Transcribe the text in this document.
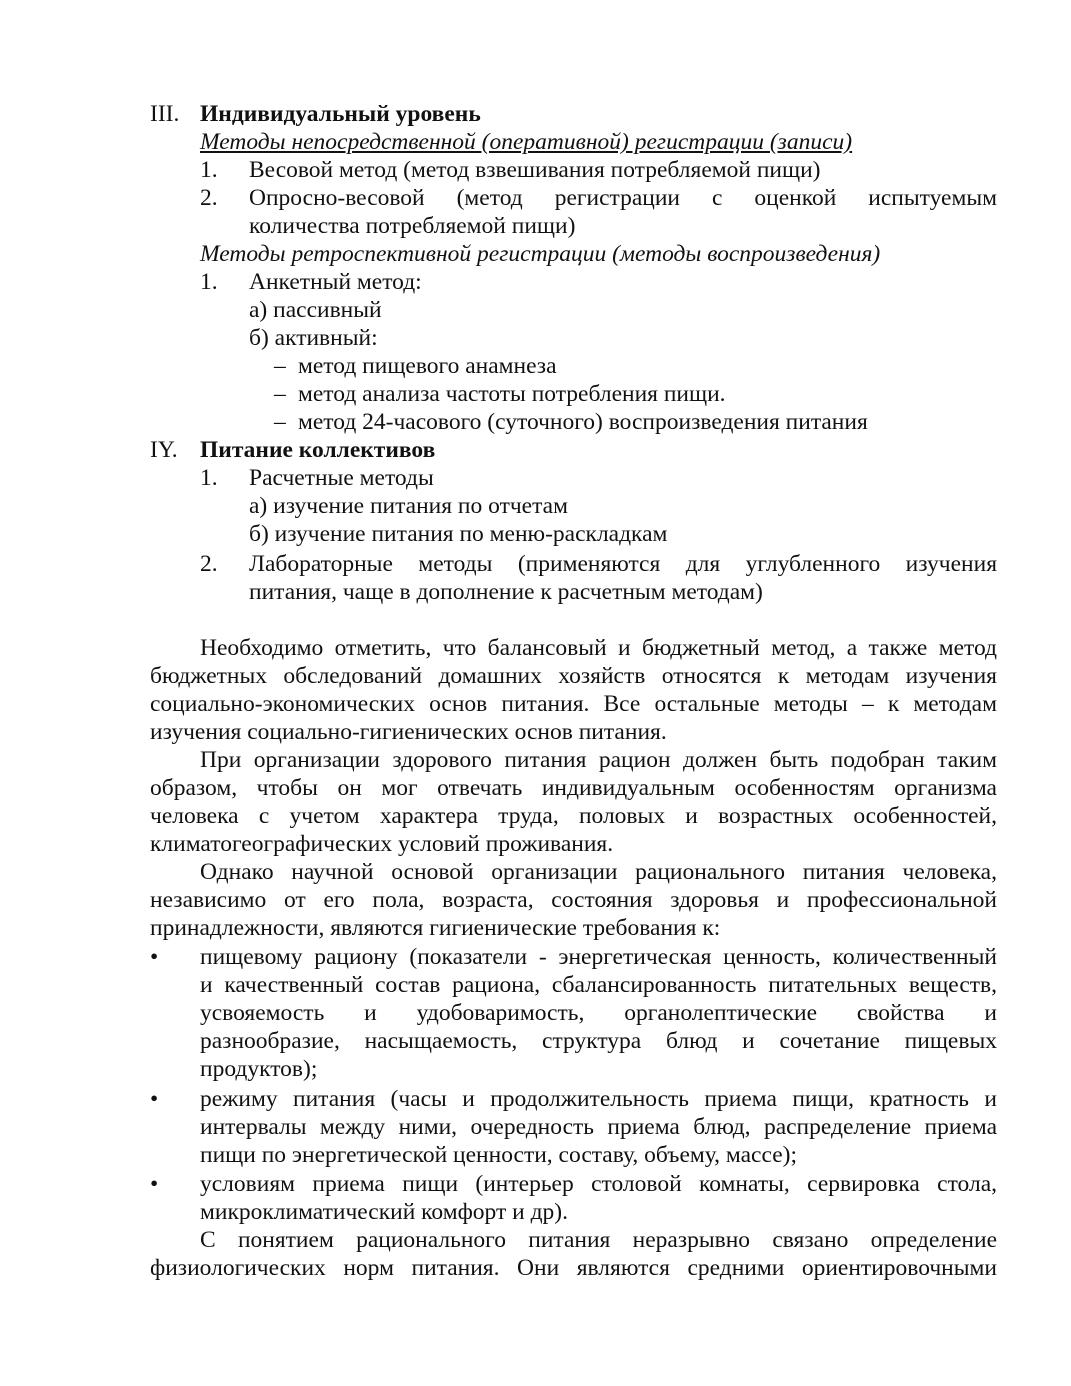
III. Индивидуальный уровень
Методы непосредственной (оперативной) регистрации (записи)
1. Весовой метод (метод взвешивания потребляемой пищи)
2. Опросно-весовой (метод регистрации с оценкой испытуемым
количества потребляемой пищи)
Методы ретроспективной регистрации (методы воспроизведения)
1. Анкетный метод:
а) пассивный
б) активный:
– метод пищевого анамнеза
– метод анализа частоты потребления пищи.
– метод 24-часового (суточного) воспроизведения питания
IY. Питание коллективов
1. Расчетные методы
а) изучение питания по отчетам
б) изучение питания по меню-раскладкам
2. Лабораторные методы (применяются для углубленного изучения
питания, чаще в дополнение к расчетным методам)
Необходимо отметить, что балансовый и бюджетный метод, а также метод
бюджетных обследований домашних хозяйств относятся к методам изучения
социально-экономических основ питания. Все остальные методы – к методам
изучения социально-гигиенических основ питания.
При организации здорового питания рацион должен быть подобран таким
образом, чтобы он мог отвечать индивидуальным особенностям организма
человека с учетом характера труда, половых и возрастных особенностей,
климатогеографических условий проживания.
Однако научной основой организации рационального питания человека,
независимо от его пола, возраста, состояния здоровья и профессиональной
принадлежности, являются гигиенические требования к:
• пищевому рациону (показатели - энергетическая ценность, количественный
и качественный состав рациона, сбалансированность питательных веществ,
усвояемость и удобоваримость, органолептические свойства и
разнообразие, насыщаемость, структура блюд и сочетание пищевых
продуктов);
• режиму питания (часы и продолжительность приема пищи, кратность и
интервалы между ними, очередность приема блюд, распределение приема
пищи по энергетической ценности, составу, объему, массе);
• условиям приема пищи (интерьер столовой комнаты, сервировка стола,
микроклиматический комфорт и др).
С понятием рационального питания неразрывно связано определение
физиологических норм питания. Они являются средними ориентировочными
